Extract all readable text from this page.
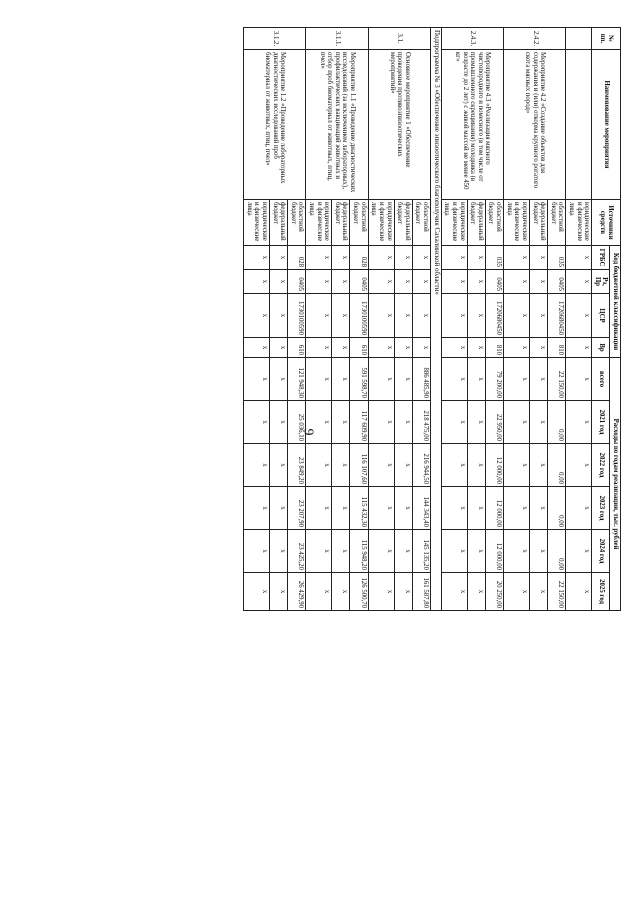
9
№ пп.	Наименование мероприятия	Источники средств	Код бюджетной классификации				Расходы по годам реализации, тыс. рублей					
			ГРБС	Рз, Пр	ЦСР	Вр	всего	2021 год	2022 год	2023 год	2024 год	2025 год
		юридические и физические лица	х	х	х	х	х	х	х	х	х	х
2.4.2.	Мероприятие 4.2 «Создание объектов для содержания и (или) откорма крупного рогатого скота мясных пород»	областной бюджет	035	0405	1720680450	810	22 150,00	0,00	0,00	0,00	0,00	22 150,00
		федеральный бюджет	х	х	х	х	х	х	х	х	х	х
		юридические и физические лица	х	х	х	х	х	х	х	х	х	х
2.4.3.	Мероприятие 4.3 «Реализация мясного чистопородного и помесного (в том числе от промышленного скрещивания) молодняка (в возрасте до 2 лет) с живой массой не менее 450 кг»	областной бюджет	035	0405	1720680450	810	79 200,00	22 950,00	12 000,00	12 000,00	12 000,00	20 250,00
		федеральный бюджет	х	х	х	х	х	х	х	х	х	х
		юридические и физические лица	х	х	х	х	х	х	х	х	х	х
Подпрограмма № 3 «Обеспечение эпизоотического благополучия Сахалинской области»												
3.1.	Основное мероприятие 1 «Обеспечение проведения противоэпизоотических мероприятий»	областной бюджет	х	х	х	х	886 485,90	218 475,00	216 944,50	144 343,40	145 135,20	161 587,80
		федеральный бюджет	х	х	х	х	х	х	х	х	х	х
		юридические и физические лица	х	х	х	х	х	х	х	х	х	х
3.1.1.	Мероприятие 1.1 «Проведение диагностических исследований (за исключением лабораторных), профилактических вакцинаций животных и отбор проб биоматериал от животных, птиц, пчел»	областной бюджет	028	0405	1730100590	610	591 598,70	117 609,90	116 107,60	115 432,30	115 948,20	126 500,70
		федеральный бюджет	х	х	х	х	х	х	х	х	х	х
		юридические и физические лица	х	х	х	х	х	х	х	х	х	х
3.1.2.	Мероприятие 1.2 «Проведение лабораторных диагностических исследований проб биоматериал от животных, птиц, пчел»	областной бюджет	028	0405	1730100590	610	121 948,30	25 036,10	23 849,20	23 207,90	23 425,20	26 429,90
		федеральный бюджет	х	х	х	х	х	х	х	х	х	х
		юридические и физические лица	х	х	х	х	х	х	х	х	х	х
